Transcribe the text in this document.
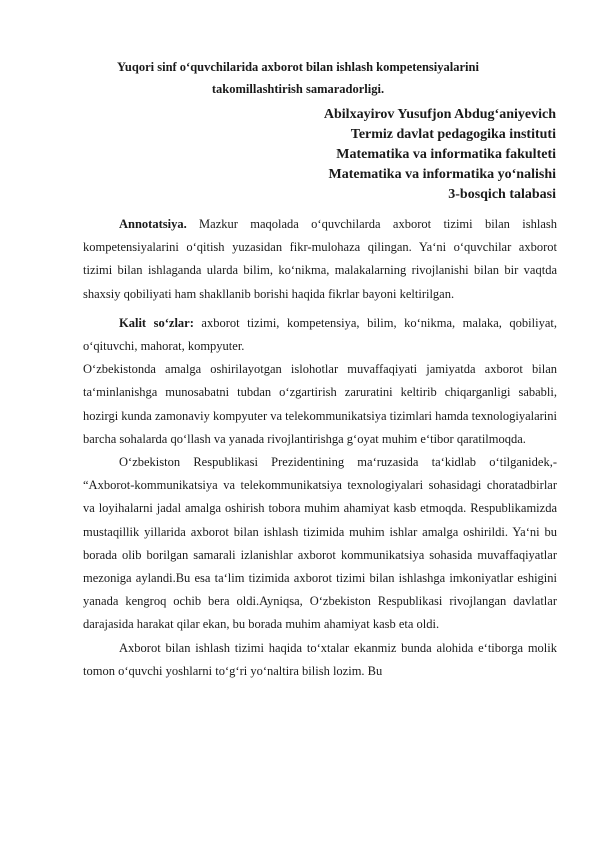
Yuqori sinf o‘quvchilarida axborot bilan ishlash kompetensiyalarini
takomillashtirish samaradorligi.
Abilxayirov Yusufjon Abdug‘aniyevich
Termiz davlat pedagogika instituti
Matematika va informatika fakulteti
Matematika va informatika yo‘nalishi
3-bosqich talabasi

Annotatsiya. Mazkur maqolada o‘quvchilarda axborot tizimi bilan ishlash kompetensiyalarini o‘qitish yuzasidan fikr-mulohaza qilingan. Ya‘ni o‘quvchilar axborot tizimi bilan ishlaganda ularda bilim, ko‘nikma, malakalarning rivojlanishi bilan bir vaqtda shaxsiy qobiliyati ham shakllanib borishi haqida fikrlar bayoni keltirilgan.

Kalit so‘zlar: axborot tizimi, kompetensiya, bilim, ko‘nikma, malaka, qobiliyat, o‘qituvchi, mahorat, kompyuter.

O‘zbekistonda amalga oshirilayotgan islohotlar muvaffaqiyati jamiyatda axborot bilan ta‘minlanishga munosabatni tubdan o‘zgartirish zaruratini keltirib chiqarganligi sababli, hozirgi kunda zamonaviy kompyuter va telekommunikatsiya tizimlari hamda texnologiyalarini barcha sohalarda qo‘llash va yanada rivojlantirishga g‘oyat muhim e‘tibor qaratilmoqda.

O‘zbekiston Respublikasi Prezidentining ma‘ruzasida ta‘kidlab o‘tilganidek,- “Axborot-kommunikatsiya va telekommunikatsiya texnologiyalari sohasidagi choratadbirlar va loyihalarni jadal amalga oshirish tobora muhim ahamiyat kasb etmoqda. Respublikamizda mustaqillik yillarida axborot bilan ishlash tizimida muhim ishlar amalga oshirildi. Ya‘ni bu borada olib borilgan samarali izlanishlar axborot kommunikatsiya sohasida muvaffaqiyatlar mezoniga aylandi.Bu esa ta‘lim tizimida axborot tizimi bilan ishlashga imkoniyatlar eshigini yanada kengroq ochib bera oldi.Ayniqsa, O‘zbekiston Respublikasi rivojlangan davlatlar darajasida harakat qilar ekan, bu borada muhim ahamiyat kasb eta oldi.

Axborot bilan ishlash tizimi haqida to‘xtalar ekanmiz bunda alohida e‘tiborga molik tomon o‘quvchi yoshlarni to‘g‘ri yo‘naltira bilish lozim. Bu
